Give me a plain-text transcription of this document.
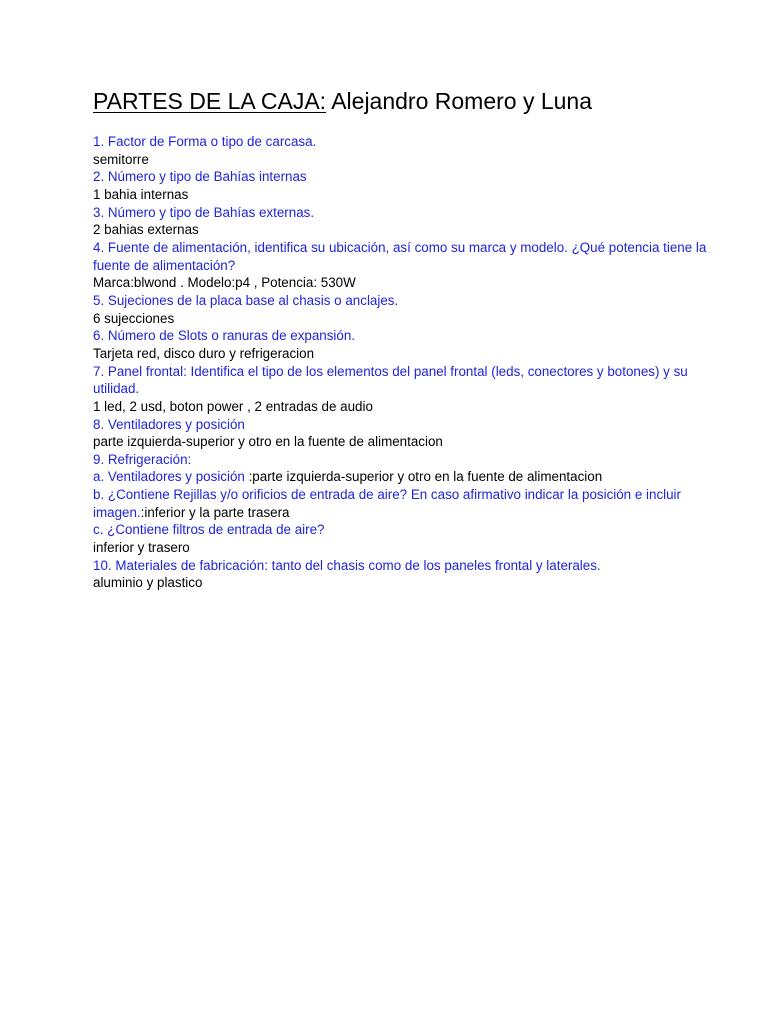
PARTES DE LA CAJA: Alejandro Romero y Luna

1. Factor de Forma o tipo de carcasa.

semitorre

2. Número y tipo de Bahías internas

1 bahia internas

3. Número y tipo de Bahías externas.

2 bahias externas

4. Fuente de alimentación, identifica su ubicación, así como su marca y modelo. ¿Qué potencia tiene la fuente de alimentación?

Marca:blwond . Modelo:p4 , Potencia: 530W

5. Sujeciones de la placa base al chasis o anclajes.

6 sujecciones

6. Número de Slots o ranuras de expansión.

Tarjeta red, disco duro y refrigeracion

7. Panel frontal: Identifica el tipo de los elementos del panel frontal (leds, conectores y botones) y su utilidad.

1 led, 2 usd, boton power , 2 entradas de audio

8. Ventiladores y posición

parte izquierda-superior y otro en la fuente de alimentacion

9. Refrigeración:

a. Ventiladores y posición :parte izquierda-superior y otro en la fuente de alimentacion

b. ¿Contiene Rejillas y/o orificios de entrada de aire? En caso afirmativo indicar la posición e incluir imagen.:inferior y la parte trasera

c. ¿Contiene filtros de entrada de aire?

inferior y trasero

10. Materiales de fabricación: tanto del chasis como de los paneles frontal y laterales.

aluminio y plastico
